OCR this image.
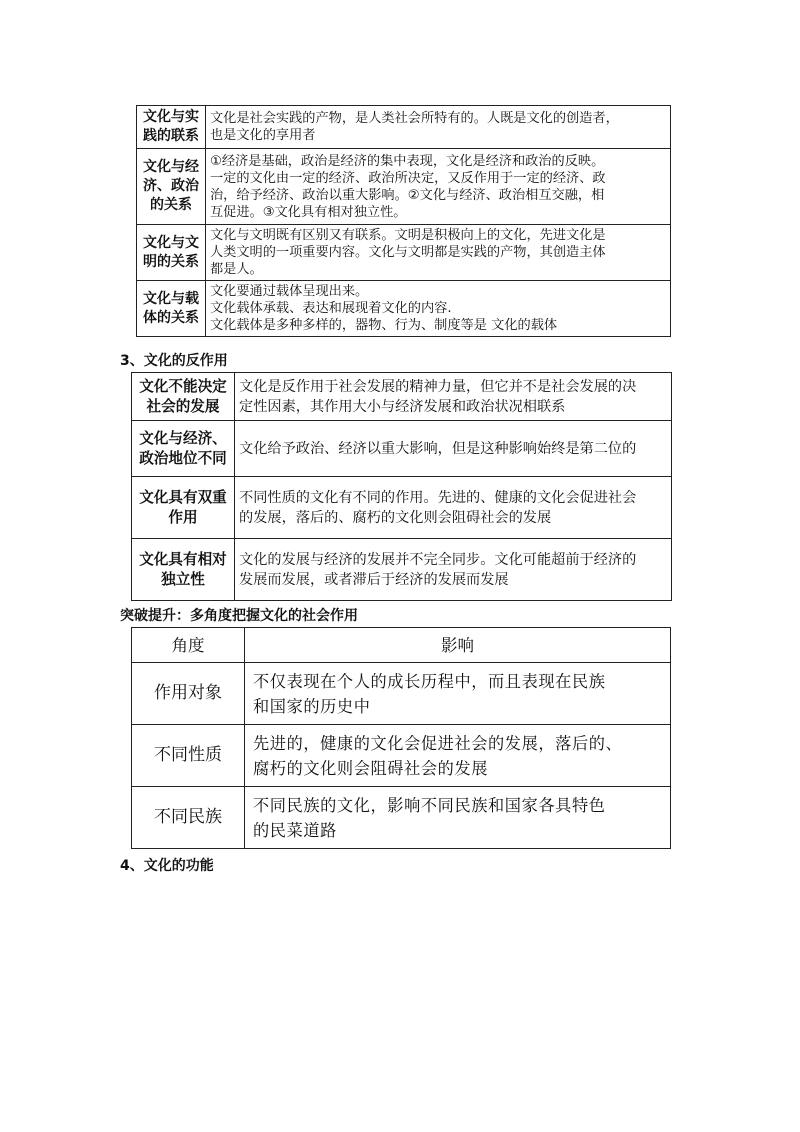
文化与实践的联系	文化是社会实践的产物，是人类社会所特有的。人既是文化的创造者，
也是文化的享用者

文化与经济、政治的关系	①经济是基础，政治是经济的集中表现，文化是经济和政治的反映。
一定的文化由一定的经济、政治所决定，又反作用于一定的经济、政
治，给予经济、政治以重大影响。②文化与经济、政治相互交融，相
互促进。③文化具有相对独立性。

文化与文明的关系	文化与文明既有区别又有联系。文明是积极向上的文化，先进文化是
人类文明的一项重要内容。文化与文明都是实践的产物，其创造主体
都是人。

文化与载体的关系	文化要通过载体呈现出来。
文化载体承载、表达和展现着文化的内容.
文化载体是多种多样的，器物、行为、制度等是 文化的载体
3、文化的反作用
文化不能决定社会的发展	文化是反作用于社会发展的精神力量，但它并不是社会发展的决
定性因素，其作用大小与经济发展和政治状况相联系

文化与经济、政治地位不同	文化给予政治、经济以重大影响，但是这种影响始终是第二位的

文化具有双重作用	不同性质的文化有不同的作用。先进的、健康的文化会促进社会
的发展，落后的、腐朽的文化则会阻碍社会的发展

文化具有相对独立性	文化的发展与经济的发展并不完全同步。文化可能超前于经济的
发展而发展，或者滞后于经济的发展而发展
突破提升：多角度把握文化的社会作用
角度	影响
作用对象	不仅表现在个人的成长历程中，而且表现在民族
和国家的历史中

不同性质	先进的，健康的文化会促进社会的发展，落后的、
腐朽的文化则会阻碍社会的发展

不同民族	不同民族的文化，影响不同民族和国家各具特色
的民菜道路
4、文化的功能
